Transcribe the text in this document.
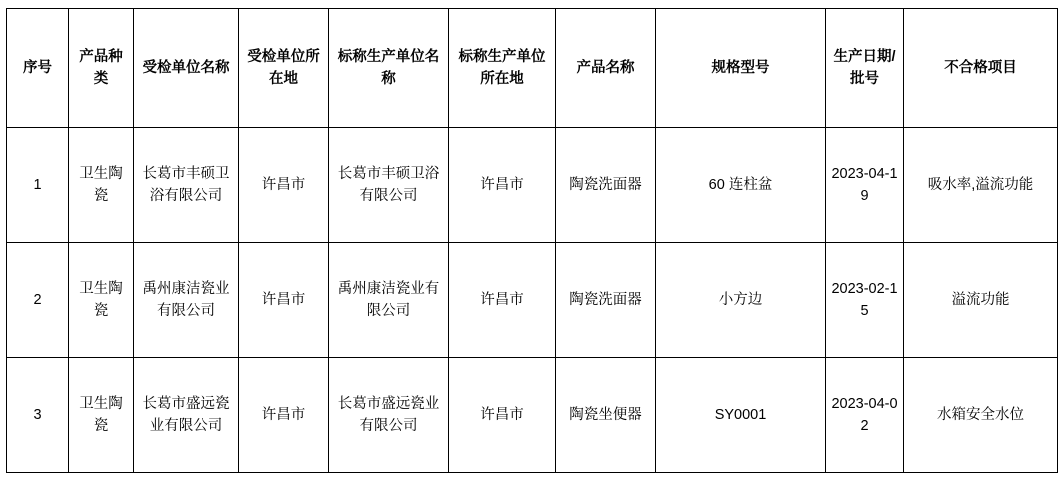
序号	产品种类	受检单位名称	受检单位所在地	标称生产单位名称	标称生产单位所在地	产品名称	规格型号	生产日期/批号	不合格项目
1	卫生陶瓷	长葛市丰硕卫浴有限公司	许昌市	长葛市丰硕卫浴有限公司	许昌市	陶瓷洗面器	60 连柱盆	2023-04-19	吸水率,溢流功能
2	卫生陶瓷	禹州康洁瓷业有限公司	许昌市	禹州康洁瓷业有限公司	许昌市	陶瓷洗面器	小方边	2023-02-15	溢流功能
3	卫生陶瓷	长葛市盛远瓷业有限公司	许昌市	长葛市盛远瓷业有限公司	许昌市	陶瓷坐便器	SY0001	2023-04-02	水箱安全水位
